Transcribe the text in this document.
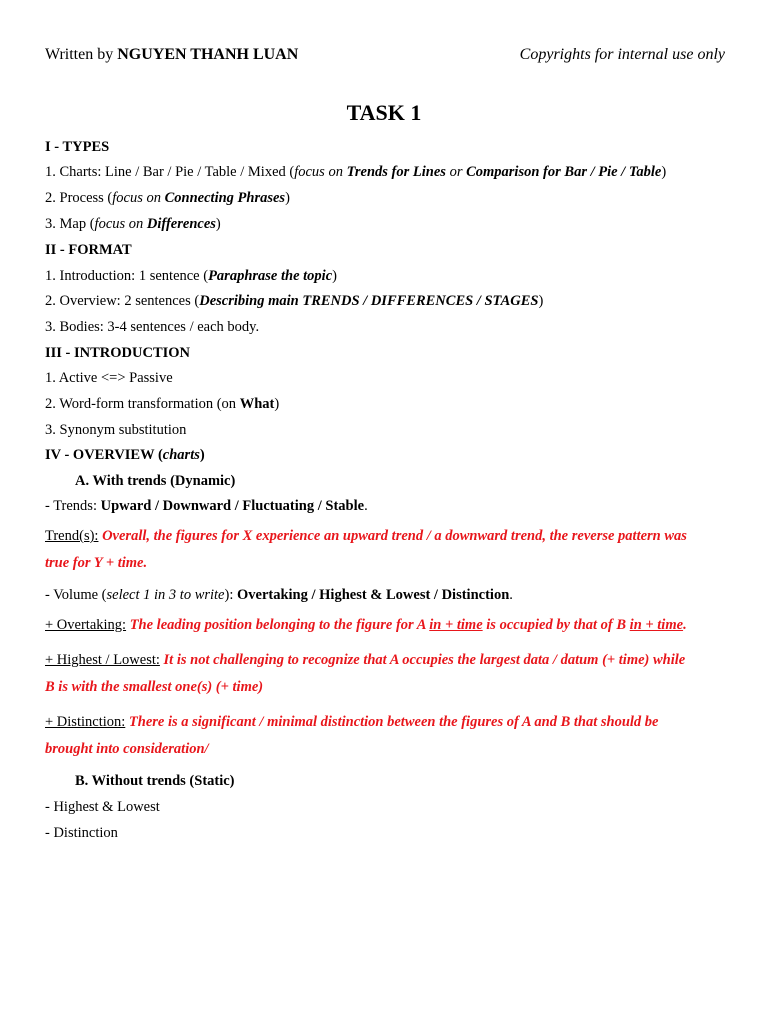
Written by NGUYEN THANH LUAN	Copyrights for internal use only
TASK 1
I - TYPES
1. Charts: Line / Bar / Pie / Table / Mixed (focus on Trends for Lines or Comparison for Bar / Pie / Table)
2. Process (focus on Connecting Phrases)
3. Map (focus on Differences)
II - FORMAT
1. Introduction: 1 sentence (Paraphrase the topic)
2. Overview: 2 sentences (Describing main TRENDS / DIFFERENCES / STAGES)
3. Bodies: 3-4 sentences / each body.
III - INTRODUCTION
1. Active <=> Passive
2. Word-form transformation (on What)
3. Synonym substitution
IV - OVERVIEW (charts)
A. With trends (Dynamic)
- Trends: Upward / Downward / Fluctuating / Stable.
Trend(s): Overall, the figures for X experience an upward trend / a downward trend, the reverse pattern was
true for Y + time.
- Volume (select 1 in 3 to write): Overtaking / Highest & Lowest / Distinction.
+ Overtaking: The leading position belonging to the figure for A in + time is occupied by that of B in + time.
+ Highest / Lowest: It is not challenging to recognize that A occupies the largest data / datum (+ time) while
B is with the smallest one(s) (+ time)
+ Distinction: There is a significant / minimal distinction between the figures of A and B that should be
brought into consideration/
B. Without trends (Static)
- Highest & Lowest
- Distinction
